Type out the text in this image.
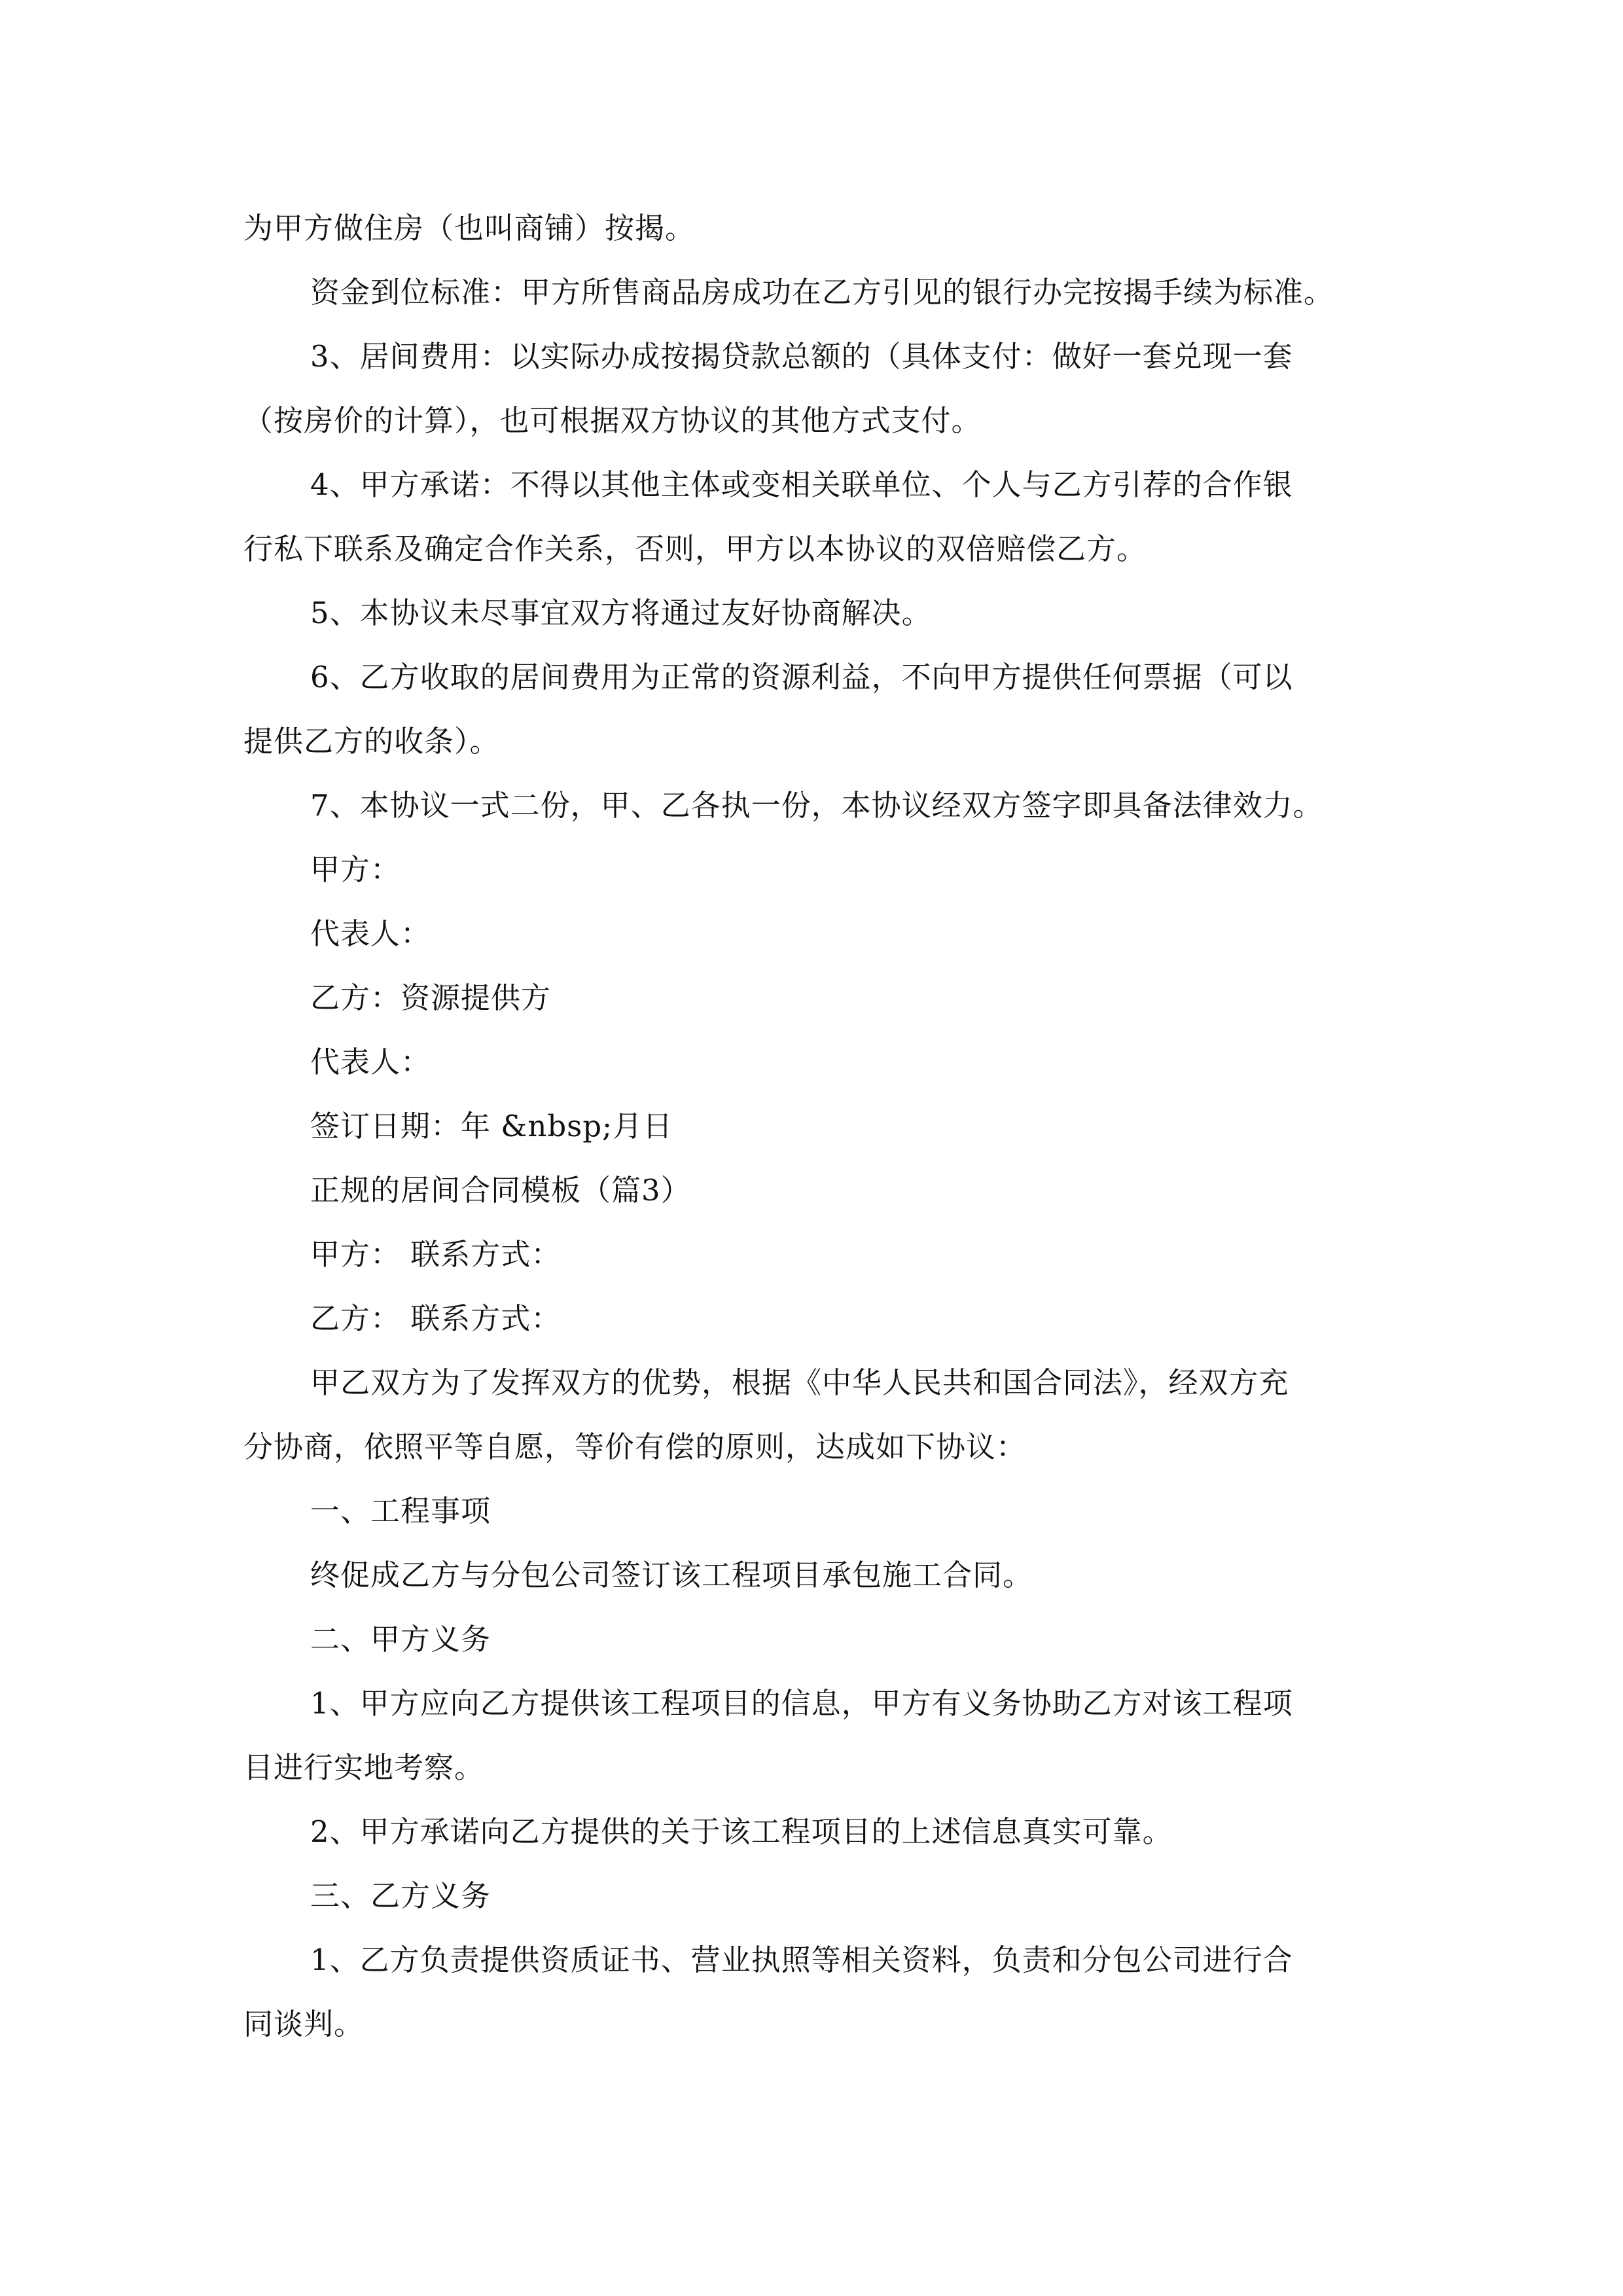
为甲方做住房（也叫商铺）按揭。
资金到位标准：甲方所售商品房成功在乙方引见的银行办完按揭手续为标准。
3、居间费用：以实际办成按揭贷款总额的（具体支付：做好一套兑现一套
（按房价的计算），也可根据双方协议的其他方式支付。
4、甲方承诺：不得以其他主体或变相关联单位、个人与乙方引荐的合作银
行私下联系及确定合作关系，否则，甲方以本协议的双倍赔偿乙方。
5、本协议未尽事宜双方将通过友好协商解决。
6、乙方收取的居间费用为正常的资源利益，不向甲方提供任何票据（可以
提供乙方的收条）。
7、本协议一式二份，甲、乙各执一份，本协议经双方签字即具备法律效力。
甲方：
代表人：
乙方：资源提供方
代表人：
签订日期：年 &nbsp;月日
正规的居间合同模板（篇3）
甲方： 联系方式：
乙方： 联系方式：
甲乙双方为了发挥双方的优势，根据《中华人民共和国合同法》，经双方充
分协商，依照平等自愿，等价有偿的原则，达成如下协议：
一、工程事项
终促成乙方与分包公司签订该工程项目承包施工合同。
二、甲方义务
1、甲方应向乙方提供该工程项目的信息，甲方有义务协助乙方对该工程项
目进行实地考察。
2、甲方承诺向乙方提供的关于该工程项目的上述信息真实可靠。
三、乙方义务
1、乙方负责提供资质证书、营业执照等相关资料，负责和分包公司进行合
同谈判。
